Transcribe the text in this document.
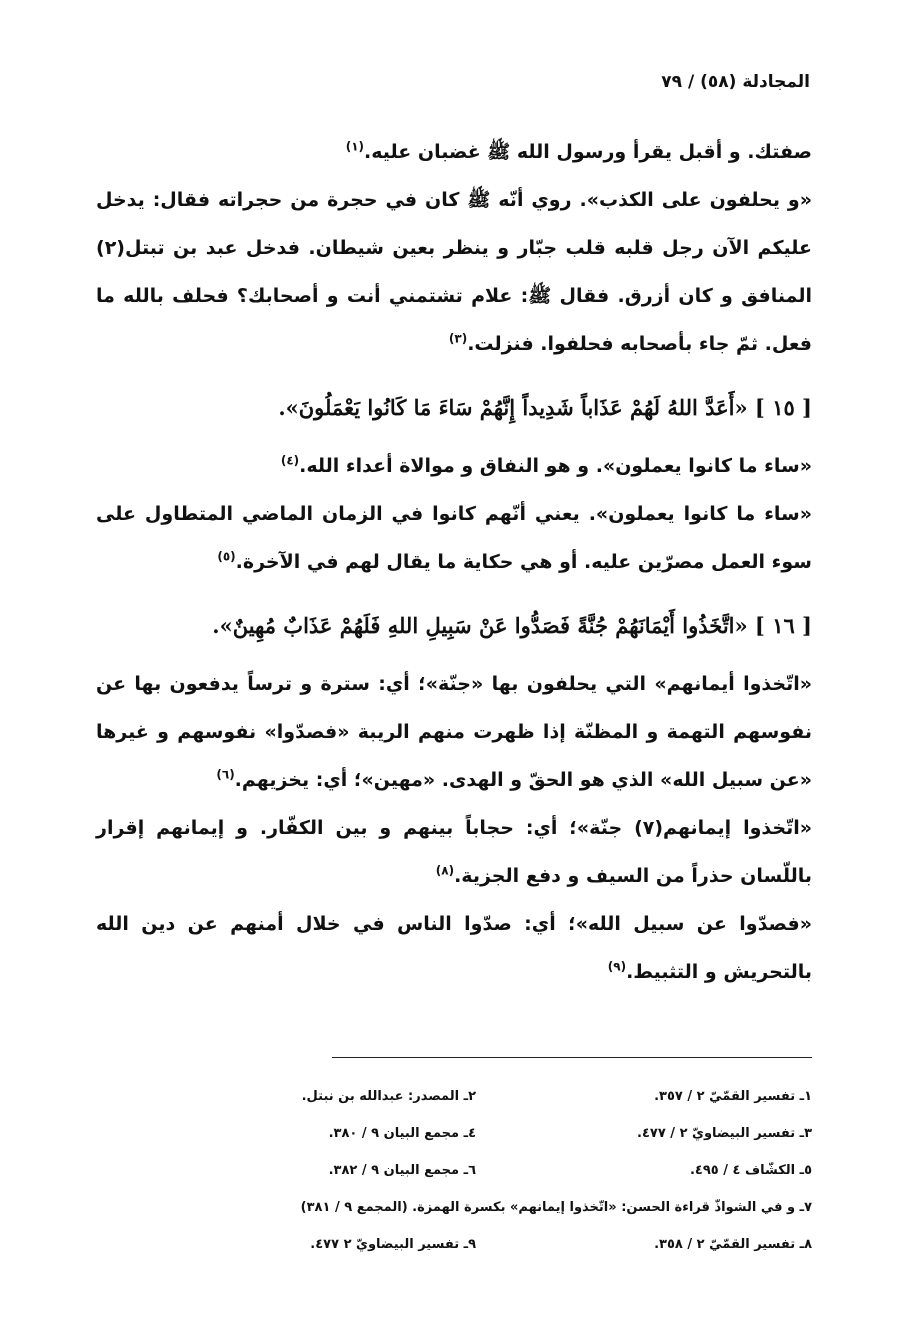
المجادلة (٥٨) / ٧٩

صفتك. و أقبل يقرأ ورسول الله ﷺ غضبان عليه.$^{(١)}$

«و يحلفون على الكذب». روي أنّه ﷺ كان في حجرة من حجراته فقال: يدخل عليكم الآن رجل قلبه قلب جبّار و ينظر بعين شيطان. فدخل عبد بن تبتل(٢) المنافق و كان أزرق. فقال ﷺ: علام تشتمني أنت و أصحابك؟ فحلف بالله ما فعل. ثمّ جاء بأصحابه فحلفوا. فنزلت.$^{(٣)}$

[ ١٥ ] «أَعَدَّ اللهُ لَهُمْ عَذَاباً شَدِيداً إِنَّهُمْ سَاءَ مَا كَانُوا يَعْمَلُونَ».

«ساء ما كانوا يعملون». و هو النفاق و موالاة أعداء الله.$^{(٤)}$

«ساء ما كانوا يعملون». يعني أنّهم كانوا في الزمان الماضي المتطاول على سوء العمل مصرّين عليه. أو هي حكاية ما يقال لهم في الآخرة.$^{(٥)}$

[ ١٦ ] «اتَّخَذُوا أَيْمَانَهُمْ جُنَّةً فَصَدُّوا عَنْ سَبِيلِ اللهِ فَلَهُمْ عَذَابٌ مُهِينٌ».

«اتّخذوا أيمانهم» التي يحلفون بها «جنّة»؛ أي: سترة و ترساً يدفعون بها عن نفوسهم التهمة و المظنّة إذا ظهرت منهم الريبة «فصدّوا» نفوسهم و غيرها «عن سبيل الله» الذي هو الحقّ و الهدى. «مهين»؛ أي: يخزيهم.$^{(٦)}$

«اتّخذوا إيمانهم(٧) جنّة»؛ أي: حجاباً بينهم و بين الكفّار. و إيمانهم إقرار باللّسان حذراً من السيف و دفع الجزية.$^{(٨)}$

«فصدّوا عن سبيل الله»؛ أي: صدّوا الناس في خلال أمنهم عن دين الله بالتحريش و التثبيط.$^{(٩)}$

١ـ تفسير القمّيّ ٢ / ٣٥٧.
٢ـ المصدر: عبدالله بن نبتل.
٣ـ تفسير البيضاويّ ٢ / ٤٧٧.
٤ـ مجمع البيان ٩ / ٣٨٠.
٥ـ الكشّاف ٤ / ٤٩٥.
٦ـ مجمع البيان ٩ / ٣٨٢.
٧ـ و في الشواذّ قراءة الحسن: «اتّخذوا إيمانهم» بكسرة الهمزة. (المجمع ٩ / ٣٨١)
٨ـ تفسير القمّيّ ٢ / ٣٥٨.
٩ـ تفسير البيضاويّ ٢ ٤٧٧.
